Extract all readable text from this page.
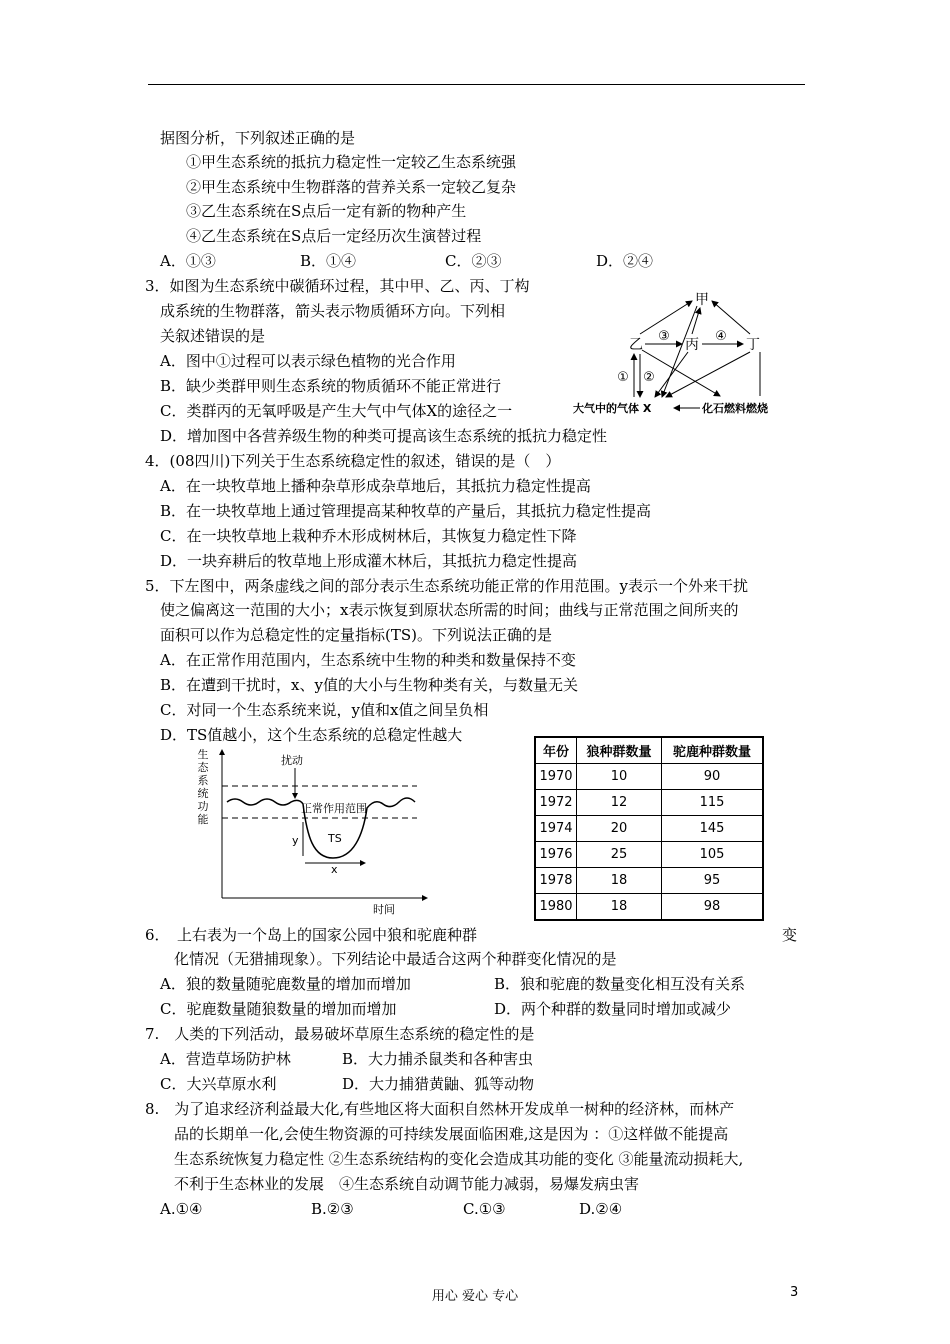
据图分析，下列叙述正确的是
①甲生态系统的抵抗力稳定性一定较乙生态系统强
②甲生态系统中生物群落的营养关系一定较乙复杂
③乙生态系统在S点后一定有新的物种产生
④乙生态系统在S点后一定经历次生演替过程
A．①③	B．①④	C．②③	D．②④
3．如图为生态系统中碳循环过程，其中甲、乙、丙、丁构
成系统的生物群落，箭头表示物质循环方向。下列相
关叙述错误的是
A．图中①过程可以表示绿色植物的光合作用
B．缺少类群甲则生态系统的物质循环不能正常进行
C．类群丙的无氧呼吸是产生大气中气体X的途径之一
D．增加图中各营养级生物的种类可提高该生态系统的抵抗力稳定性
甲
乙	丙	丁
① ②
③	④
大气中的气体 X	化石燃料燃烧
4．(08四川)下列关于生态系统稳定性的叙述，错误的是（　）
A．在一块牧草地上播种杂草形成杂草地后，其抵抗力稳定性提高
B．在一块牧草地上通过管理提高某种牧草的产量后，其抵抗力稳定性提高
C．在一块牧草地上栽种乔木形成树林后，其恢复力稳定性下降
D．一块弃耕后的牧草地上形成灌木林后，其抵抗力稳定性提高
5．下左图中，两条虚线之间的部分表示生态系统功能正常的作用范围。y表示一个外来干扰
使之偏离这一范围的大小；x表示恢复到原状态所需的时间；曲线与正常范围之间所夹的
面积可以作为总稳定性的定量指标(TS)。下列说法正确的是
A．在正常作用范围内，生态系统中生物的种类和数量保持不变
B．在遭到干扰时，x、y值的大小与生物种类有关，与数量无关
C．对同一个生态系统来说，y值和x值之间呈负相
D．TS值越小，这个生态系统的总稳定性越大
生
态
系
统
功
能
扰动
正常作用范围
TS
y
x
时间
年份	狼种群数量	驼鹿种群数量
1970	10	90
1972	12	115
1974	20	145
1976	25	105
1978	18	95
1980	18	98
6．　上右表为一个岛上的国家公园中狼和驼鹿种群	变
化情况（无猎捕现象）。下列结论中最适合这两个种群变化情况的是
A．狼的数量随驼鹿数量的增加而增加	B．狼和驼鹿的数量变化相互没有关系
C．驼鹿数量随狼数量的增加而增加	D．两个种群的数量同时增加或减少
7.　人类的下列活动，最易破坏草原生态系统的稳定性的是
A．营造草场防护林	B．大力捕杀鼠类和各种害虫
C．大兴草原水利	D．大力捕猎黄鼬、狐等动物
8.　为了追求经济利益最大化,有些地区将大面积自然林开发成单一树种的经济林，而林产
品的长期单一化,会使生物资源的可持续发展面临困难,这是因为 ：①这样做不能提高
生态系统恢复力稳定性 ②生态系统结构的变化会造成其功能的变化 ③能量流动损耗大,
不利于生态林业的发展　④生态系统自动调节能力减弱，易爆发病虫害
A.①④	B.②③	C.①③	D.②④
用心 爱心 专心	3
